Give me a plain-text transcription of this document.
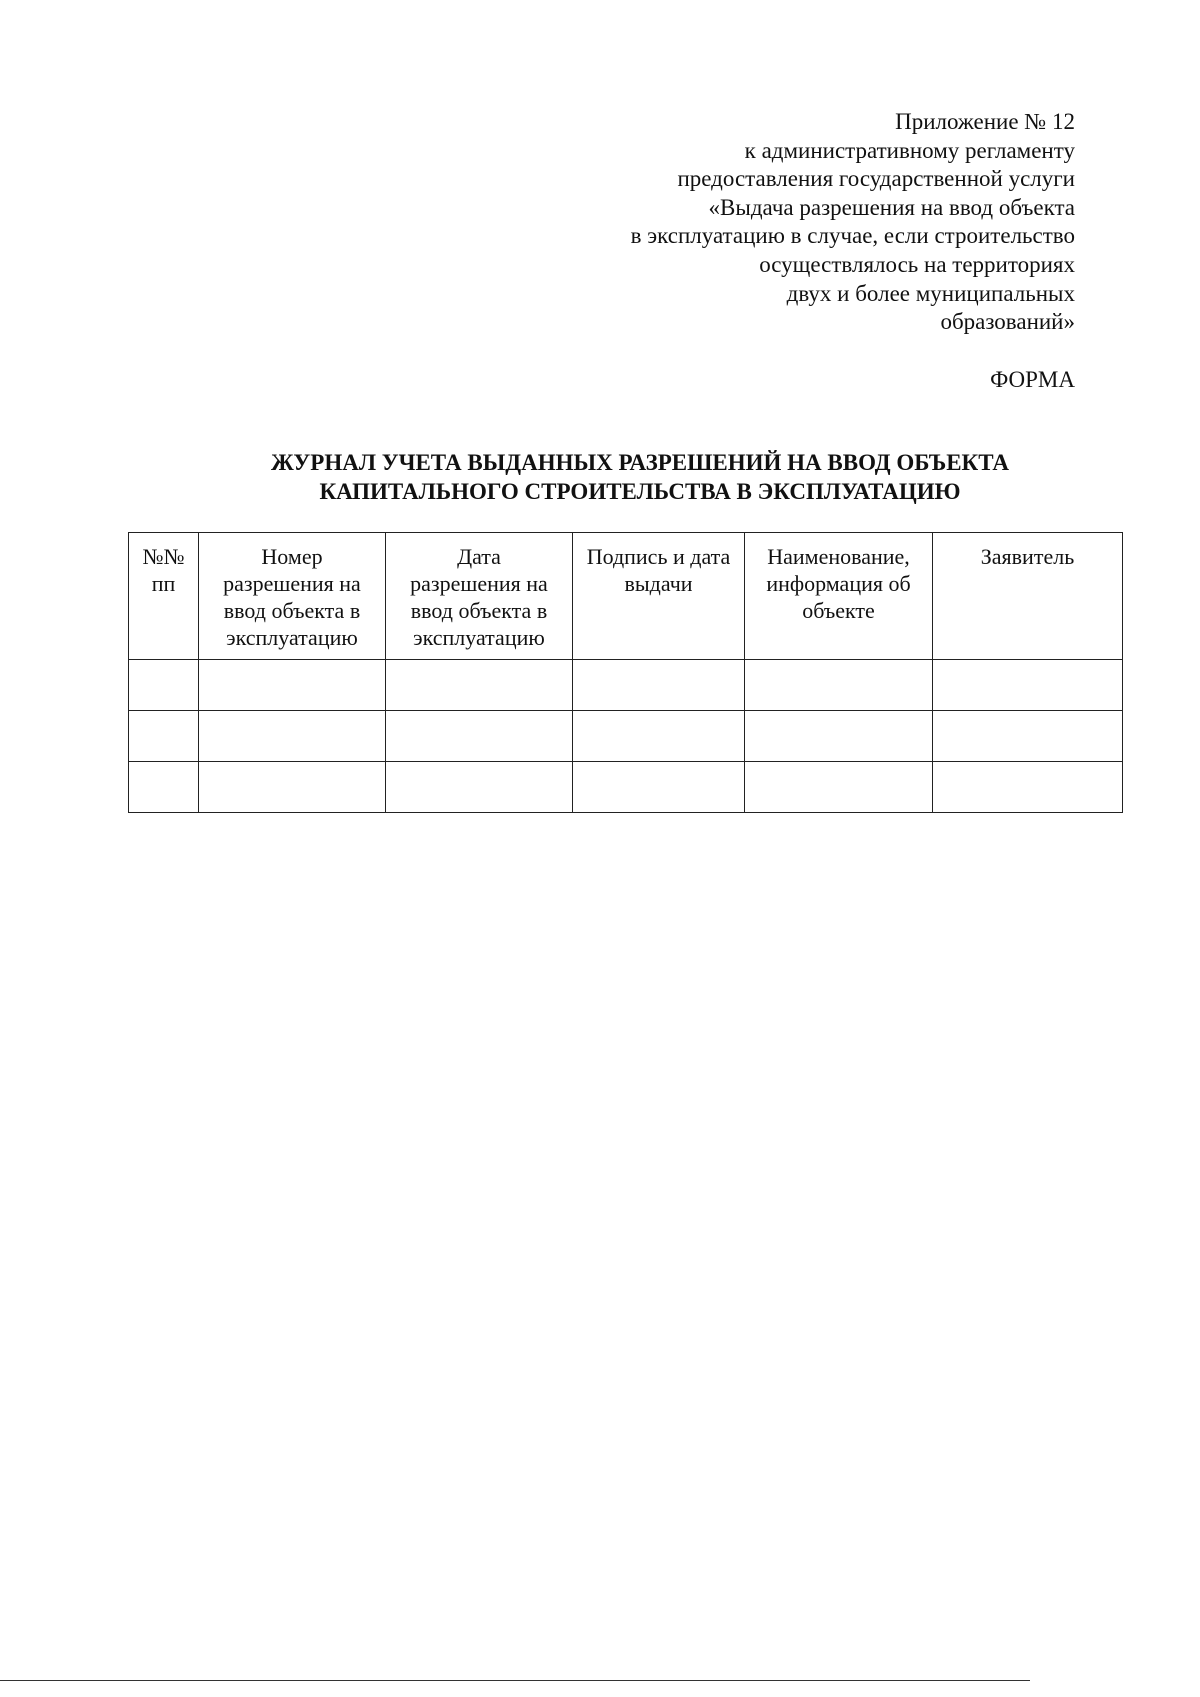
Приложение № 12
к административному регламенту
предоставления государственной услуги
«Выдача разрешения на ввод объекта
в эксплуатацию в случае, если строительство
осуществлялось на территориях
двух и более муниципальных
образований»
ФОРМА
ЖУРНАЛ УЧЕТА ВЫДАННЫХ РАЗРЕШЕНИЙ НА ВВОД ОБЪЕКТА
КАПИТАЛЬНОГО СТРОИТЕЛЬСТВА В ЭКСПЛУАТАЦИЮ
№№
пп	Номер
разрешения на
ввод объекта в
эксплуатацию	Дата
разрешения на
ввод объекта в
эксплуатацию	Подпись и дата
выдачи	Наименование,
информация об
объекте	Заявитель
